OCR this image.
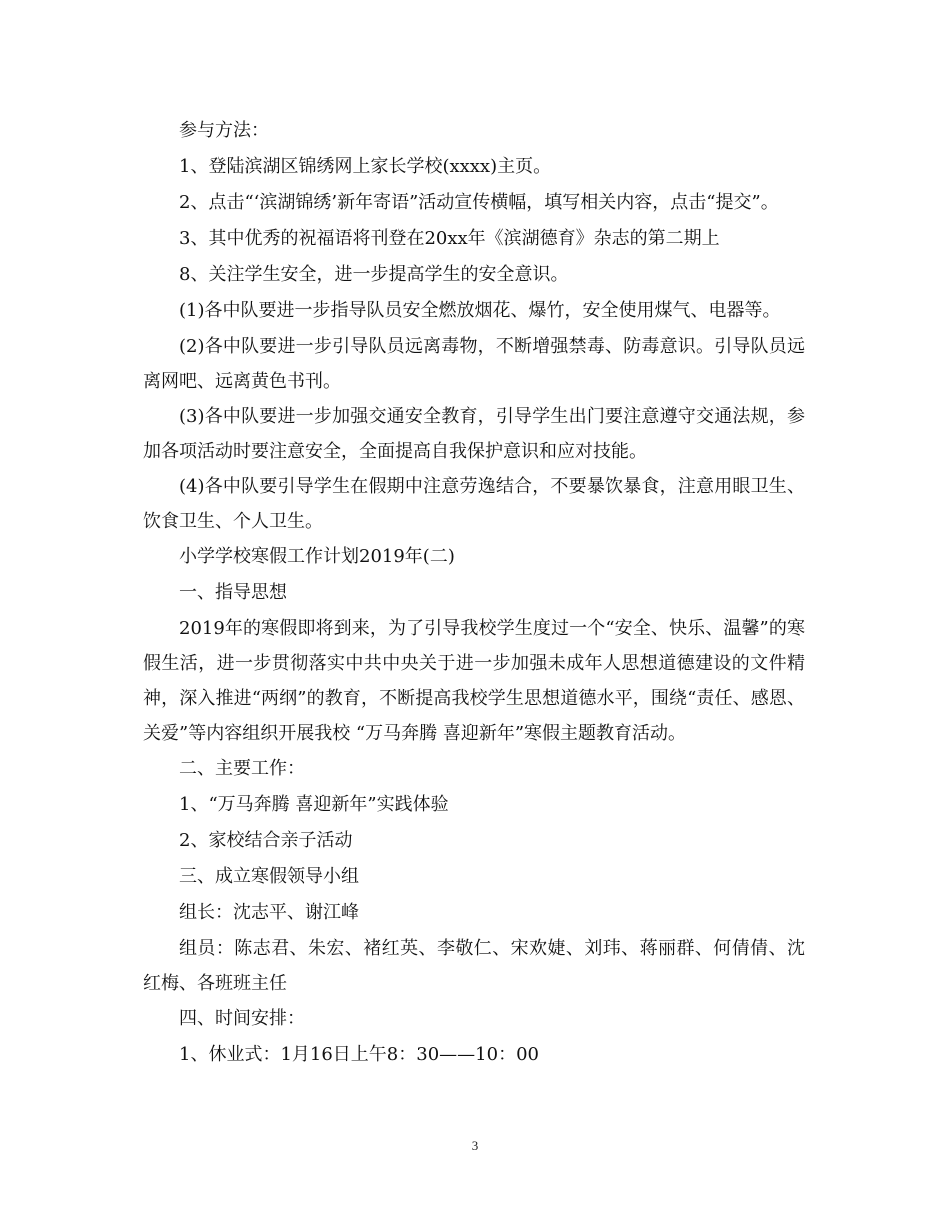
参与方法：

1、登陆滨湖区锦绣网上家长学校(xxxx)主页。

2、点击“‘滨湖锦绣’新年寄语”活动宣传横幅，填写相关内容，点击“提交”。

3、其中优秀的祝福语将刊登在20xx年《滨湖德育》杂志的第二期上

8、关注学生安全，进一步提高学生的安全意识。

(1)各中队要进一步指导队员安全燃放烟花、爆竹，安全使用煤气、电器等。

(2)各中队要进一步引导队员远离毒物，不断增强禁毒、防毒意识。引导队员远离网吧、远离黄色书刊。

(3)各中队要进一步加强交通安全教育，引导学生出门要注意遵守交通法规，参加各项活动时要注意安全，全面提高自我保护意识和应对技能。

(4)各中队要引导学生在假期中注意劳逸结合，不要暴饮暴食，注意用眼卫生、饮食卫生、个人卫生。

小学学校寒假工作计划2019年(二)

一、指导思想

2019年的寒假即将到来，为了引导我校学生度过一个“安全、快乐、温馨”的寒假生活，进一步贯彻落实中共中央关于进一步加强未成年人思想道德建设的文件精神，深入推进“两纲”的教育，不断提高我校学生思想道德水平，围绕“责任、感恩、关爱”等内容组织开展我校 “万马奔腾 喜迎新年”寒假主题教育活动。

二、主要工作：

1、“万马奔腾 喜迎新年”实践体验

2、家校结合亲子活动

三、成立寒假领导小组

组长：沈志平、谢江峰

组员：陈志君、朱宏、褚红英、李敬仁、宋欢婕、刘玮、蒋丽群、何倩倩、沈红梅、各班班主任

四、时间安排：

1、休业式：1月16日上午8：30——10：00

3
